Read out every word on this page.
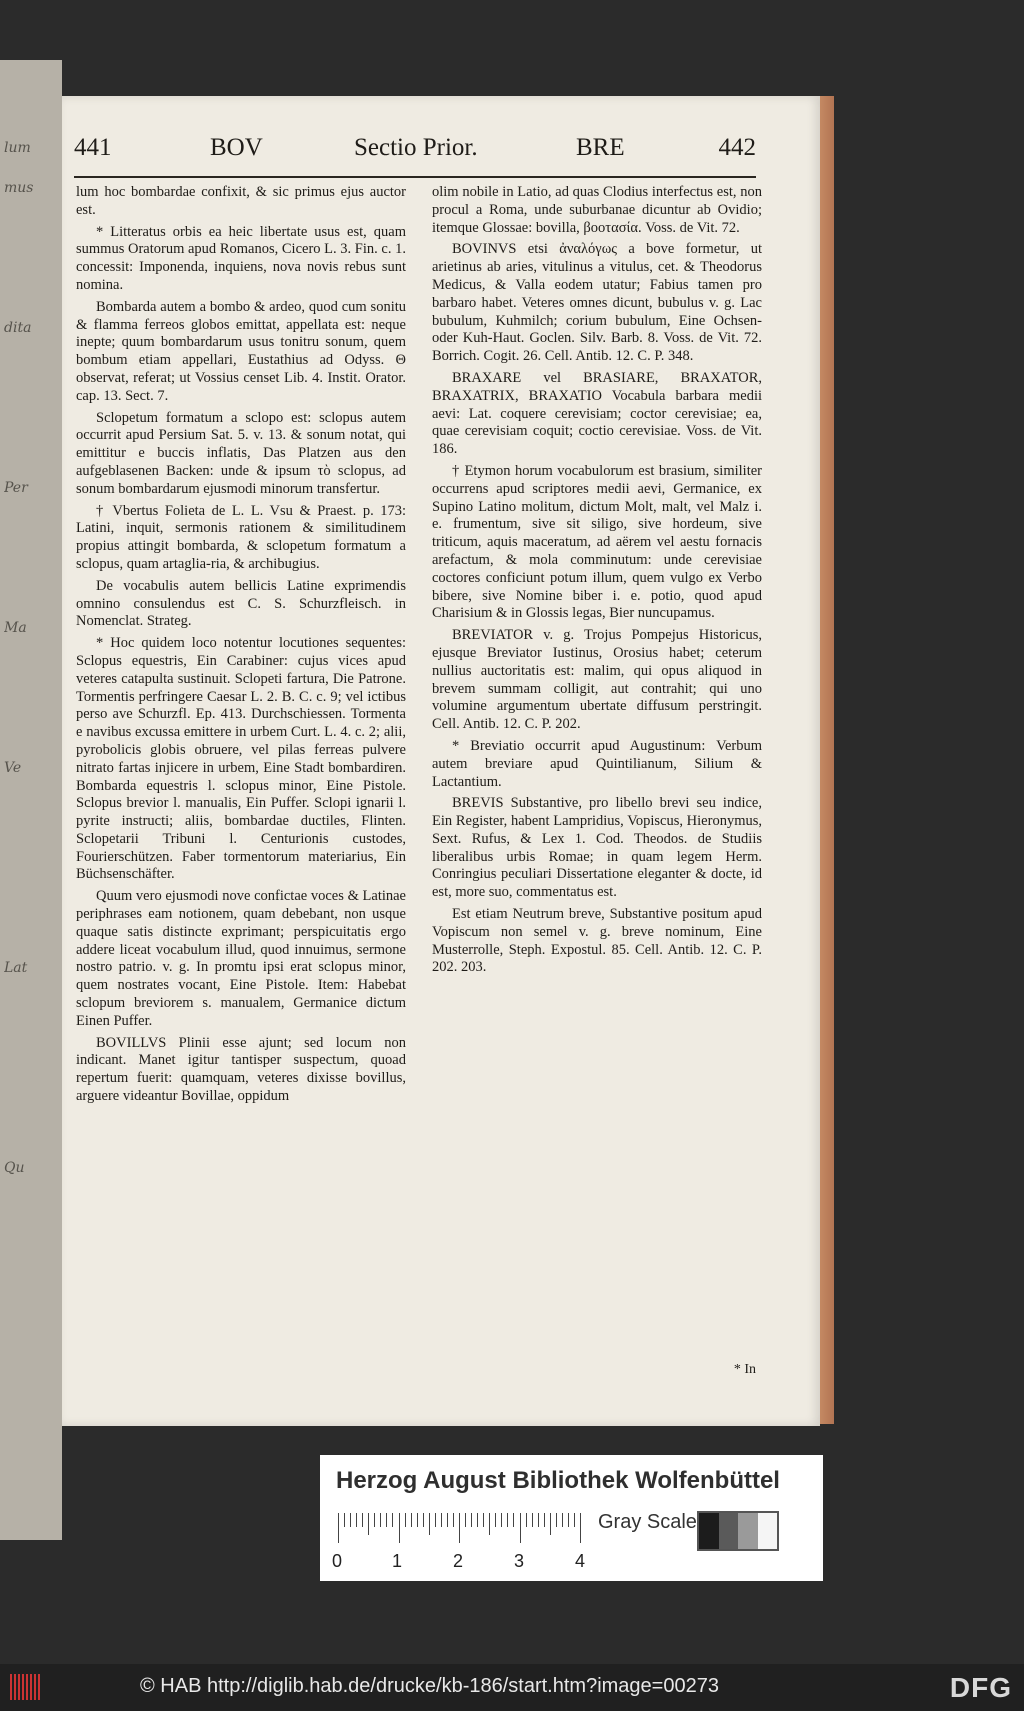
lum
mus
dita
Per
Ma
Ve
Lat
Qu
441	BOV	Sectio Prior.	BRE	442

lum hoc bombardae confixit, & sic primus ejus auctor est.

* Litteratus orbis ea heic libertate usus est, quam summus Oratorum apud Romanos, Cicero L. 3. Fin. c. 1. concessit: Imponenda, inquiens, nova novis rebus sunt nomina.

Bombarda autem a bombo & ardeo, quod cum sonitu & flamma ferreos globos emittat, appellata est: neque inepte; quum bombardarum usus tonitru sonum, quem bombum etiam appellari, Eustathius ad Odyss. Θ observat, referat; ut Vossius censet Lib. 4. Instit. Orator. cap. 13. Sect. 7.

Sclopetum formatum a sclopo est: sclopus autem occurrit apud Persium Sat. 5. v. 13. & sonum notat, qui emittitur e buccis inflatis, Das Platzen aus den aufgeblasenen Backen: unde & ipsum τὸ sclopus, ad sonum bombardarum ejusmodi minorum transfertur.

† Vbertus Folieta de L. L. Vsu & Praest. p. 173: Latini, inquit, sermonis rationem & similitudinem propius attingit bombarda, & sclopetum formatum a sclopus, quam artaglia-ria, & archibugius.

De vocabulis autem bellicis Latine exprimendis omnino consulendus est C. S. Schurzfleisch. in Nomenclat. Strateg.

* Hoc quidem loco notentur locutiones sequentes: Sclopus equestris, Ein Carabiner: cujus vices apud veteres catapulta sustinuit. Sclopeti fartura, Die Patrone. Tormentis perfringere Caesar L. 2. B. C. c. 9; vel ictibus perso ave Schurzfl. Ep. 413. Durchschiessen. Tormenta e navibus excussa emittere in urbem Curt. L. 4. c. 2; alii, pyrobolicis globis obruere, vel pilas ferreas pulvere nitrato fartas injicere in urbem, Eine Stadt bombardiren. Bombarda equestris l. sclopus minor, Eine Pistole. Sclopus brevior l. manualis, Ein Puffer. Sclopi ignarii l. pyrite instructi; aliis, bombardae ductiles, Flinten. Sclopetarii Tribuni l. Centurionis custodes, Fourierschützen. Faber tormentorum materiarius, Ein Büchsenschäfter.

Quum vero ejusmodi nove confictae voces & Latinae periphrases eam notionem, quam debebant, non usque quaque satis distincte exprimant; perspicuitatis ergo addere liceat vocabulum illud, quod innuimus, sermone nostro patrio. v. g. In promtu ipsi erat sclopus minor, quem nostrates vocant, Eine Pistole. Item: Habebat sclopum breviorem s. manualem, Germanice dictum Einen Puffer.

BOVILLVS Plinii esse ajunt; sed locum non indicant. Manet igitur tantisper suspectum, quoad repertum fuerit: quamquam, veteres dixisse bovillus, arguere videantur Bovillae, oppidum

olim nobile in Latio, ad quas Clodius interfectus est, non procul a Roma, unde suburbanae dicuntur ab Ovidio; itemque Glossae: bovilla, βοοτασία. Voss. de Vit. 72.

BOVINVS etsi ἀναλόγως a bove formetur, ut arietinus ab aries, vitulinus a vitulus, cet. & Theodorus Medicus, & Valla eodem utatur; Fabius tamen pro barbaro habet. Veteres omnes dicunt, bubulus v. g. Lac bubulum, Kuhmilch; corium bubulum, Eine Ochsen- oder Kuh-Haut. Goclen. Silv. Barb. 8. Voss. de Vit. 72. Borrich. Cogit. 26. Cell. Antib. 12. C. P. 348.

BRAXARE vel BRASIARE, BRAXATOR, BRAXATRIX, BRAXATIO Vocabula barbara medii aevi: Lat. coquere cerevisiam; coctor cerevisiae; ea, quae cerevisiam coquit; coctio cerevisiae. Voss. de Vit. 186.

† Etymon horum vocabulorum est brasium, similiter occurrens apud scriptores medii aevi, Germanice, ex Supino Latino molitum, dictum Molt, malt, vel Malz i. e. frumentum, sive sit siligo, sive hordeum, sive triticum, aquis maceratum, ad aërem vel aestu fornacis arefactum, & mola comminutum: unde cerevisiae coctores conficiunt potum illum, quem vulgo ex Verbo bibere, sive Nomine biber i. e. potio, quod apud Charisium & in Glossis legas, Bier nuncupamus.

BREVIATOR v. g. Trojus Pompejus Historicus, ejusque Breviator Iustinus, Orosius habet; ceterum nullius auctoritatis est: malim, qui opus aliquod in brevem summam colligit, aut contrahit; qui uno volumine argumentum ubertate diffusum perstringit. Cell. Antib. 12. C. P. 202.

* Breviatio occurrit apud Augustinum: Verbum autem breviare apud Quintilianum, Silium & Lactantium.

BREVIS Substantive, pro libello brevi seu indice, Ein Register, habent Lampridius, Vopiscus, Hieronymus, Sext. Rufus, & Lex 1. Cod. Theodos. de Studiis liberalibus urbis Romae; in quam legem Herm. Conringius peculiari Dissertatione eleganter & docte, id est, more suo, commentatus est.

Est etiam Neutrum breve, Substantive positum apud Vopiscum non semel v. g. breve nominum, Eine Musterrolle, Steph. Expostul. 85. Cell. Antib. 12. C. P. 202. 203.

* In
Herzog August Bibliothek Wolfenbüttel
0	1	2	3	4
Gray Scale
© HAB http://diglib.hab.de/drucke/kb-186/start.htm?image=00273	DFG
